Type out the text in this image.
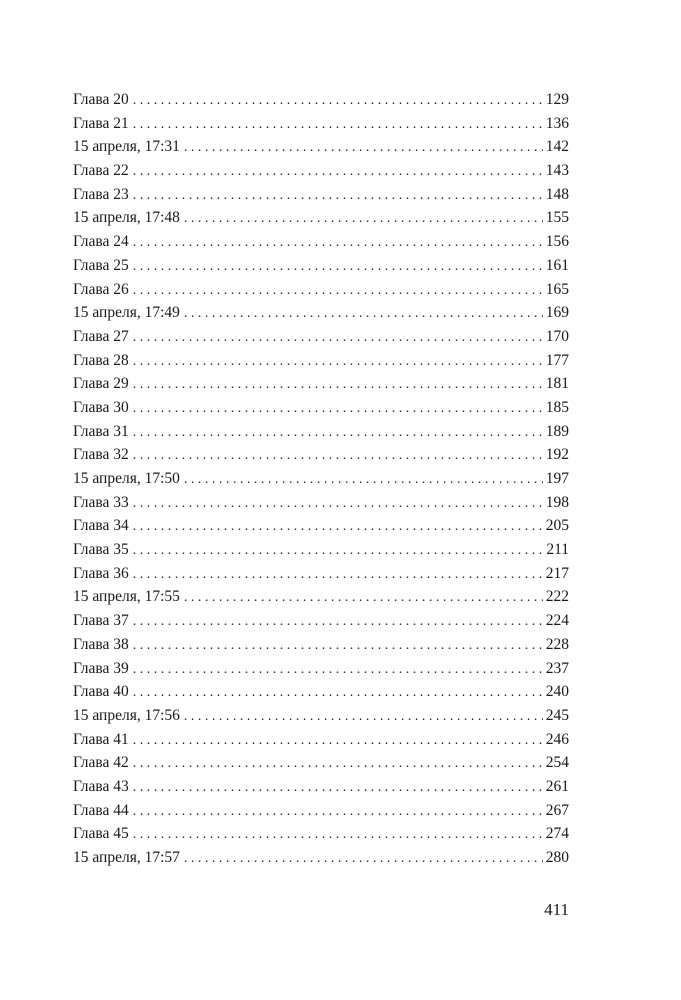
Глава 20 . . .	129
Глава 21 . . .	136
15 апреля, 17:31 . . .	142
Глава 22 . . .	143
Глава 23 . . .	148
15 апреля, 17:48 . . .	155
Глава 24 . . .	156
Глава 25 . . .	161
Глава 26 . . .	165
15 апреля, 17:49 . . .	169
Глава 27 . . .	170
Глава 28 . . .	177
Глава 29 . . .	181
Глава 30 . . .	185
Глава 31 . . .	189
Глава 32 . . .	192
15 апреля, 17:50 . . .	197
Глава 33 . . .	198
Глава 34 . . .	205
Глава 35 . . .	211
Глава 36 . . .	217
15 апреля, 17:55 . . .	222
Глава 37 . . .	224
Глава 38 . . .	228
Глава 39 . . .	237
Глава 40 . . .	240
15 апреля, 17:56 . . .	245
Глава 41 . . .	246
Глава 42 . . .	254
Глава 43 . . .	261
Глава 44 . . .	267
Глава 45 . . .	274
15 апреля, 17:57 . . .	280
411
